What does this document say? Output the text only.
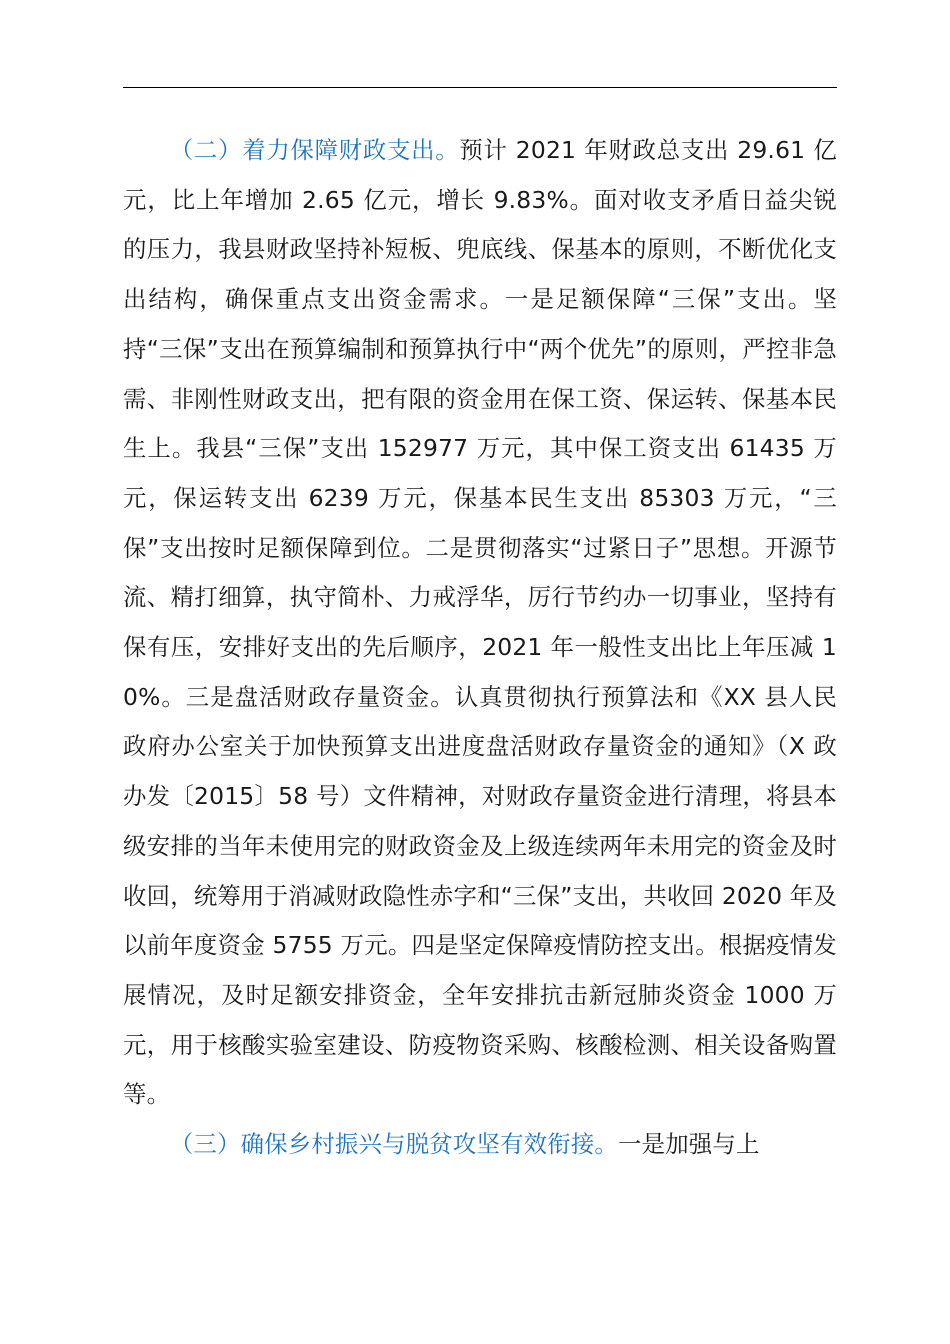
（二）着力保障财政支出。预计 2021 年财政总支出 29.61 亿元，比上年增加 2.65 亿元，增长 9.83%。面对收支矛盾日益尖锐的压力，我县财政坚持补短板、兜底线、保基本的原则，不断优化支出结构，确保重点支出资金需求。一是足额保障“三保”支出。坚持“三保”支出在预算编制和预算执行中“两个优先”的原则，严控非急需、非刚性财政支出，把有限的资金用在保工资、保运转、保基本民生上。我县“三保”支出 152977 万元，其中保工资支出 61435 万元，保运转支出 6239 万元，保基本民生支出 85303 万元，“三保”支出按时足额保障到位。二是贯彻落实“过紧日子”思想。开源节流、精打细算，执守简朴、力戒浮华，厉行节约办一切事业，坚持有保有压，安排好支出的先后顺序，2021 年一般性支出比上年压减 10%。三是盘活财政存量资金。认真贯彻执行预算法和《XX 县人民政府办公室关于加快预算支出进度盘活财政存量资金的通知》（X 政办发〔2015〕58 号）文件精神，对财政存量资金进行清理，将县本级安排的当年未使用完的财政资金及上级连续两年未用完的资金及时收回，统筹用于消减财政隐性赤字和“三保”支出，共收回 2020 年及以前年度资金 5755 万元。四是坚定保障疫情防控支出。根据疫情发展情况，及时足额安排资金，全年安排抗击新冠肺炎资金 1000 万元，用于核酸实验室建设、防疫物资采购、核酸检测、相关设备购置等。

（三）确保乡村振兴与脱贫攻坚有效衔接。一是加强与上
